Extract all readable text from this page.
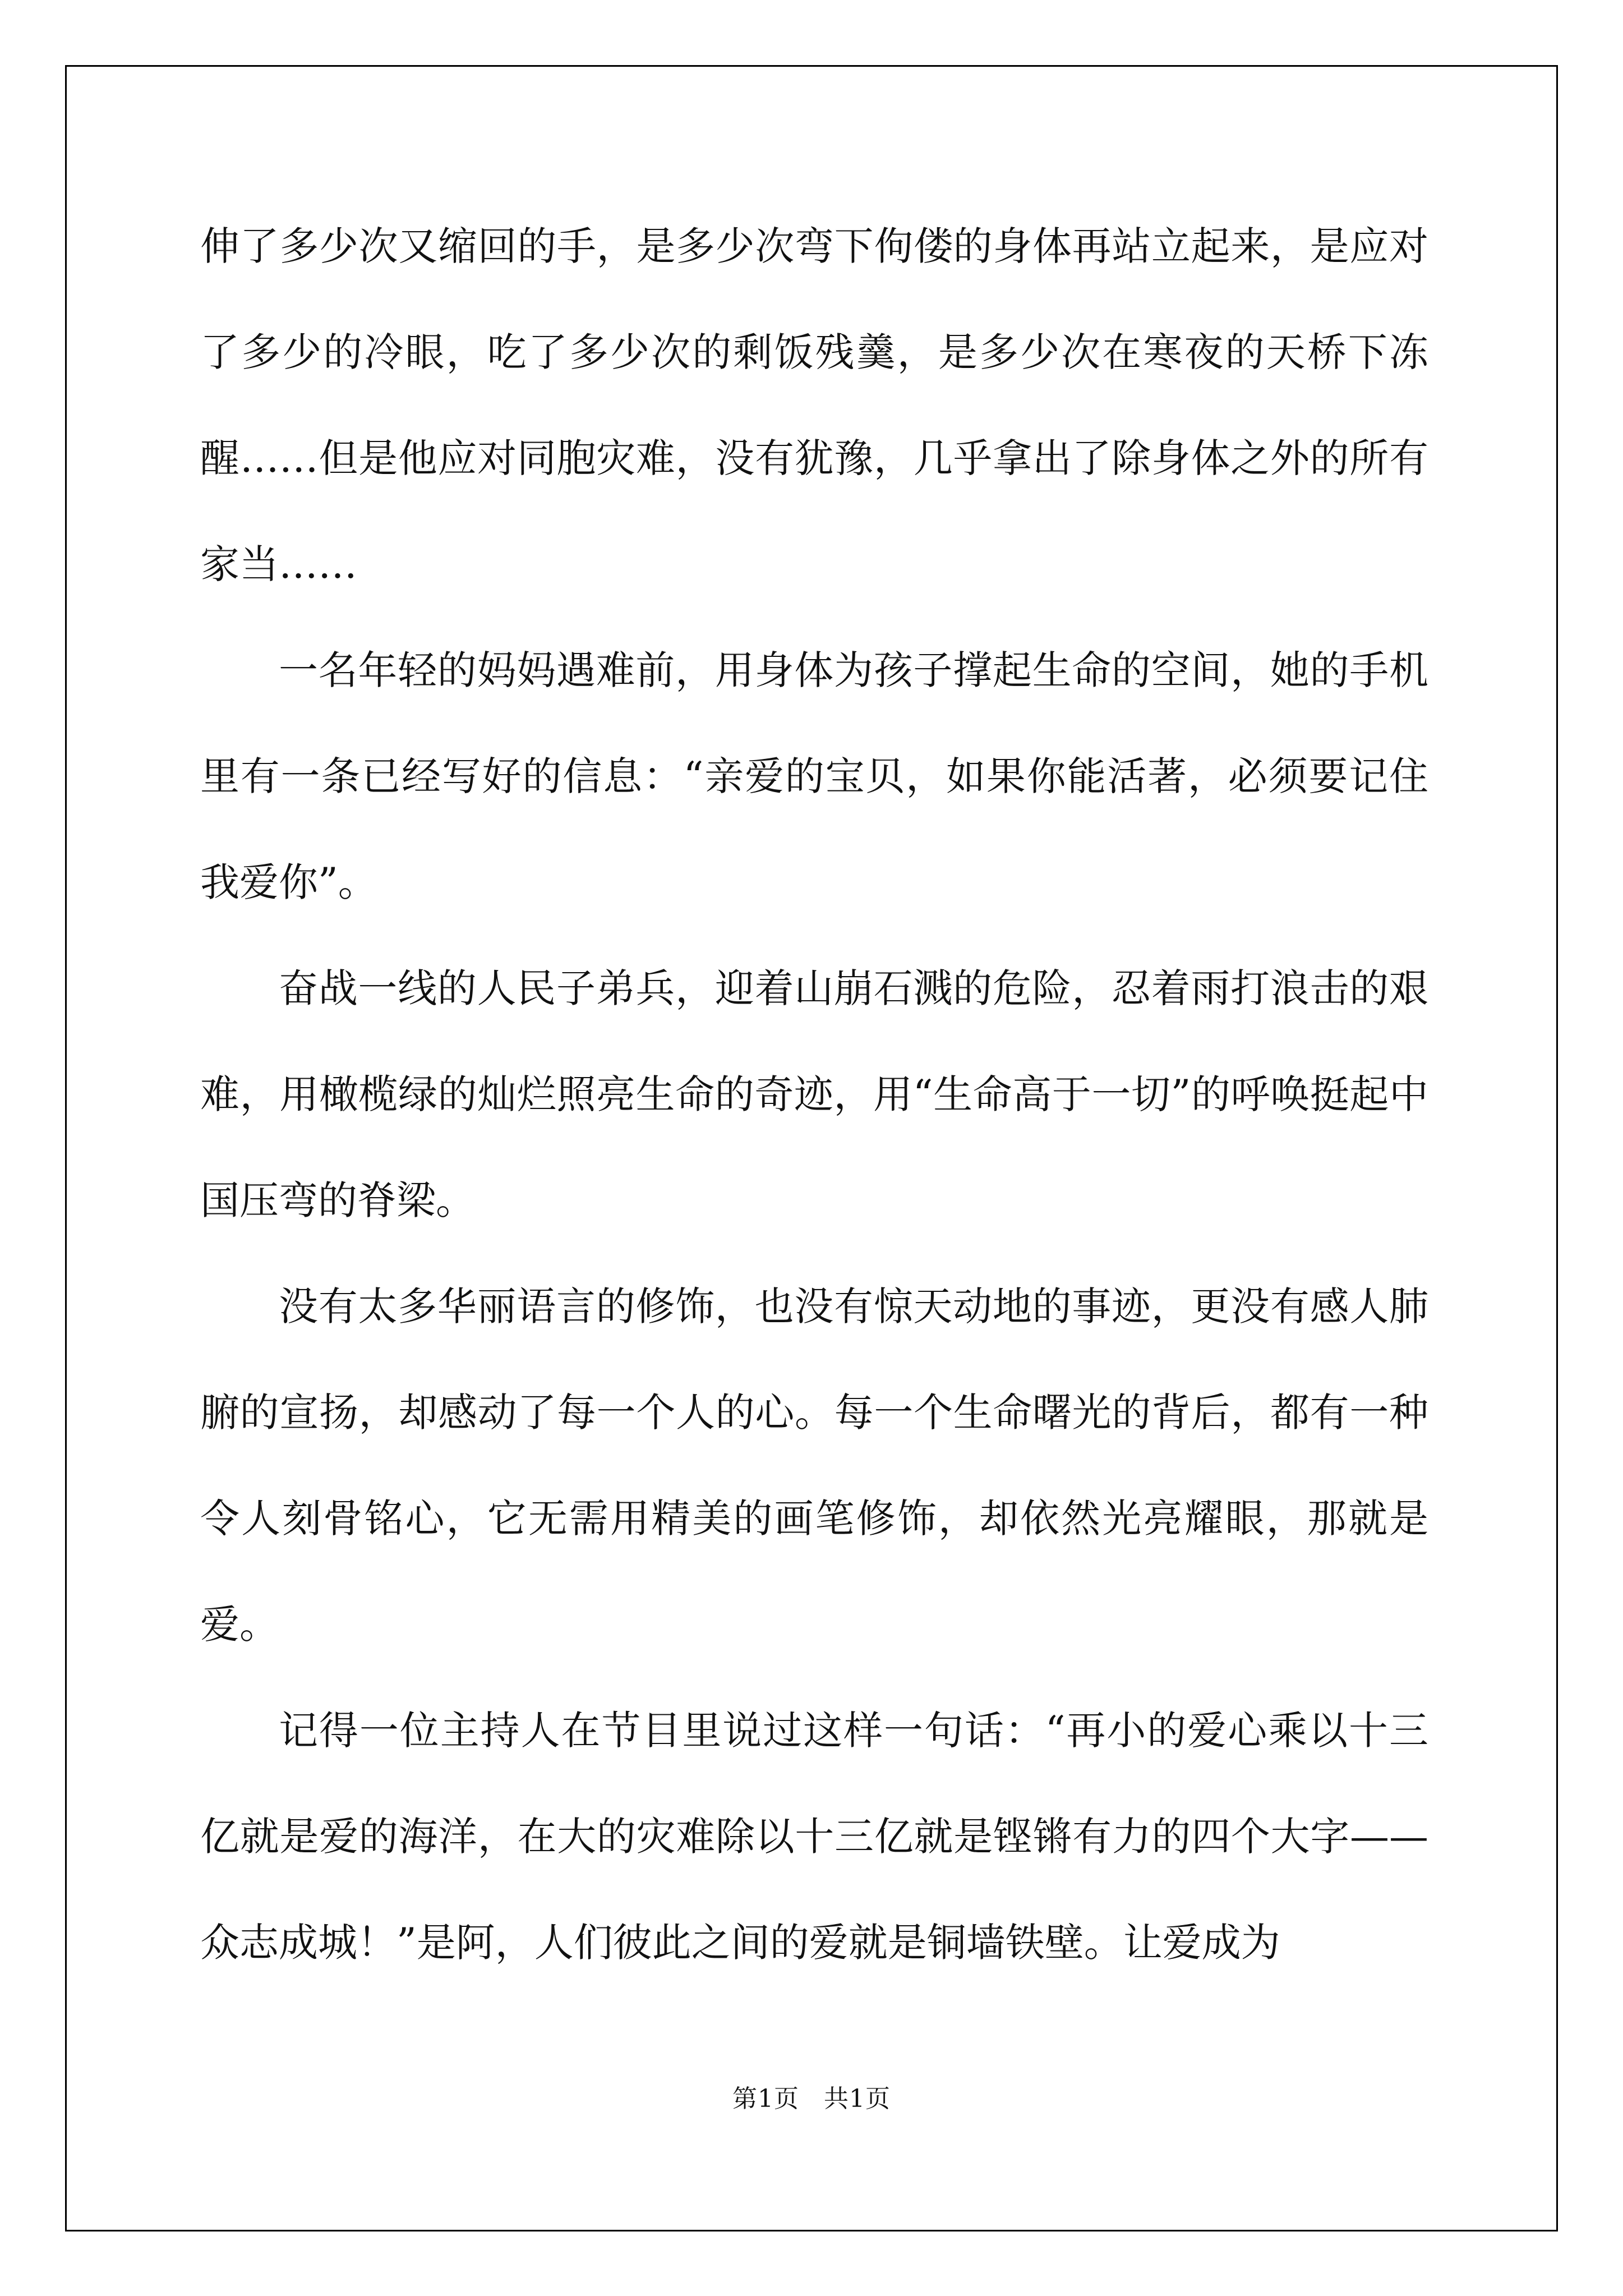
伸了多少次又缩回的手，是多少次弯下佝偻的身体再站立起来，是应对了多少的冷眼，吃了多少次的剩饭残羹，是多少次在寒夜的天桥下冻醒……但是他应对同胞灾难，没有犹豫，几乎拿出了除身体之外的所有家当……

一名年轻的妈妈遇难前，用身体为孩子撑起生命的空间，她的手机里有一条已经写好的信息：“亲爱的宝贝，如果你能活著，必须要记住我爱你”。

奋战一线的人民子弟兵，迎着山崩石溅的危险，忍着雨打浪击的艰难，用橄榄绿的灿烂照亮生命的奇迹，用“生命高于一切”的呼唤挺起中国压弯的脊梁。

没有太多华丽语言的修饰，也没有惊天动地的事迹，更没有感人肺腑的宣扬，却感动了每一个人的心。每一个生命曙光的背后，都有一种令人刻骨铭心，它无需用精美的画笔修饰，却依然光亮耀眼，那就是爱。

记得一位主持人在节目里说过这样一句话：“再小的爱心乘以十三亿就是爱的海洋，在大的灾难除以十三亿就是铿锵有力的四个大字——众志成城！”是阿，人们彼此之间的爱就是铜墙铁壁。让爱成为

第1页 共1页
